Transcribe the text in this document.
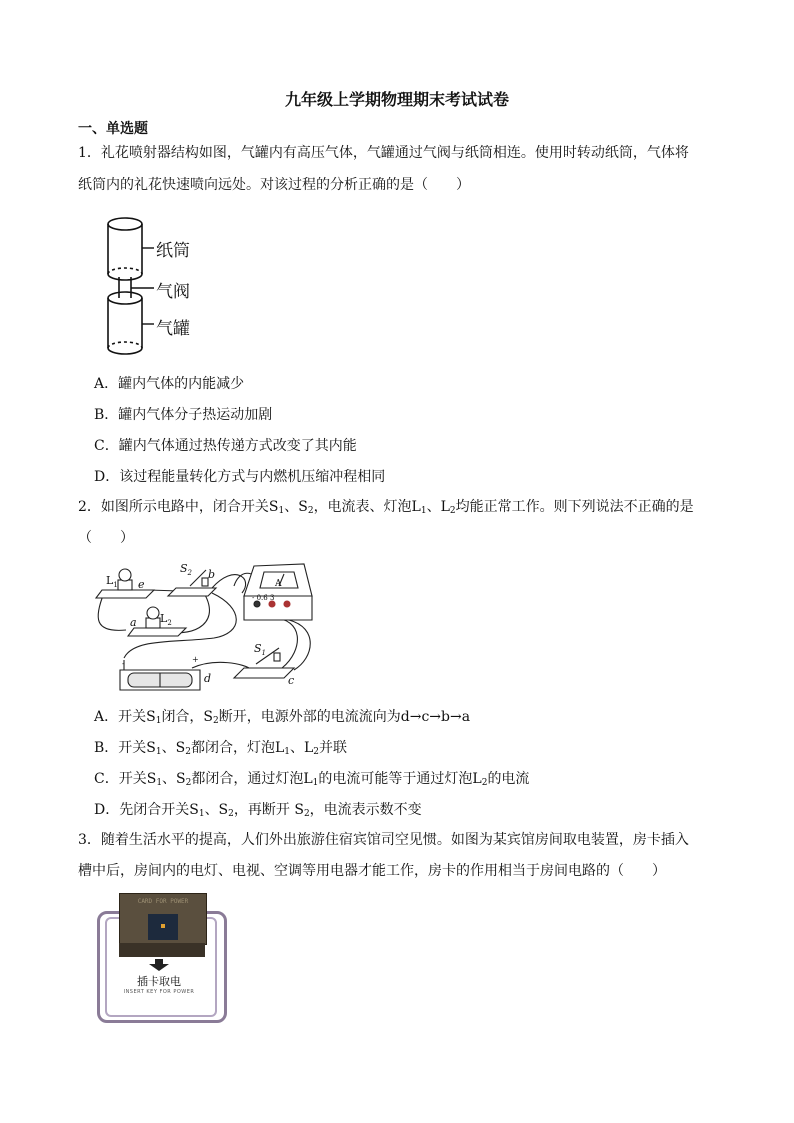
九年级上学期物理期末考试试卷
一、单选题
1．礼花喷射器结构如图，气罐内有高压气体，气罐通过气阀与纸筒相连。使用时转动纸筒，气体将
纸筒内的礼花快速喷向远处。对该过程的分析正确的是（　　）
纸筒
气阀
气罐
A．罐内气体的内能减少
B．罐内气体分子热运动加剧
C．罐内气体通过热传递方式改变了其内能
D．该过程能量转化方式与内燃机压缩冲程相同
2．如图所示电路中，闭合开关$S_1$、$S_2$，电流表、灯泡$L_1$、$L_2$均能正常工作。则下列说法不正确的是
（　　）
$L_1$ e
$S_2$ b
a $L_2$
A
- 0.6 3
$S_1$
c
d
-	+
A．开关$S_1$闭合，$S_2$断开，电源外部的电流流向为d→c→b→a
B．开关$S_1$、$S_2$都闭合，灯泡$L_1$、$L_2$并联
C．开关$S_1$、$S_2$都闭合，通过灯泡$L_1$的电流可能等于通过灯泡$L_2$的电流
D．先闭合开关$S_1$、$S_2$，再断开 $S_2$，电流表示数不变
3．随着生活水平的提高，人们外出旅游住宿宾馆司空见惯。如图为某宾馆房间取电装置，房卡插入
槽中后，房间内的电灯、电视、空调等用电器才能工作，房卡的作用相当于房间电路的（　　）
CARD FOR POWER
插卡取电
INSERT KEY FOR POWER
